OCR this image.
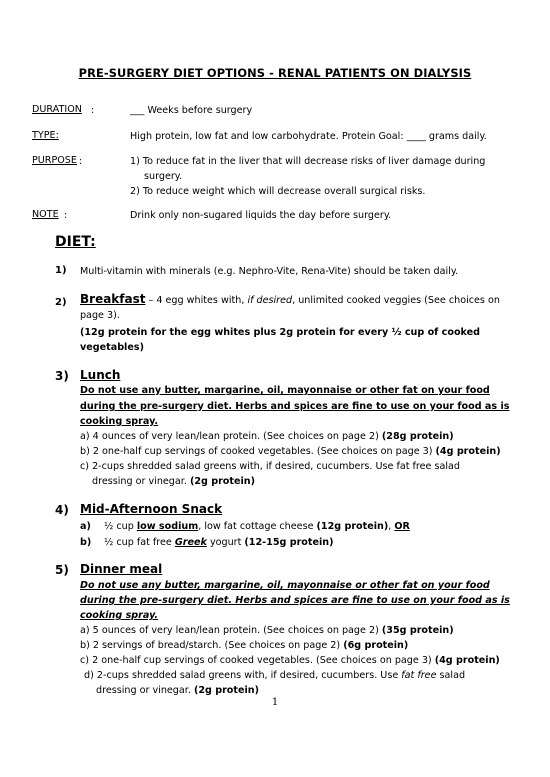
PRE-SURGERY DIET OPTIONS - RENAL PATIENTS ON DIALYSIS
DURATION :	___ Weeks before surgery
TYPE:	High protein, low fat and low carbohydrate. Protein Goal: ____ grams daily.
PURPOSE :	1) To reduce fat in the liver that will decrease risks of liver damage during
surgery.
2) To reduce weight which will decrease overall surgical risks.
NOTE :	Drink only non-sugared liquids the day before surgery.
DIET:
1) Multi-vitamin with minerals (e.g. Nephro-Vite, Rena-Vite) should be taken daily.
2) Breakfast – 4 egg whites with, if desired, unlimited cooked veggies (See choices on
page 3).
(12g protein for the egg whites plus 2g protein for every ½ cup of cooked
vegetables)
3) Lunch
Do not use any butter, margarine, oil, mayonnaise or other fat on your food
during the pre-surgery diet. Herbs and spices are fine to use on your food as is
cooking spray.
a) 4 ounces of very lean/lean protein. (See choices on page 2) (28g protein)
b) 2 one-half cup servings of cooked vegetables. (See choices on page 3) (4g protein)
c) 2-cups shredded salad greens with, if desired, cucumbers. Use fat free salad
dressing or vinegar. (2g protein)
4) Mid-Afternoon Snack
a) ½ cup low sodium, low fat cottage cheese (12g protein), OR
b) ½ cup fat free Greek yogurt (12-15g protein)
5) Dinner meal
Do not use any butter, margarine, oil, mayonnaise or other fat on your food
during the pre-surgery diet. Herbs and spices are fine to use on your food as is
cooking spray.
a) 5 ounces of very lean/lean protein. (See choices on page 2) (35g protein)
b) 2 servings of bread/starch. (See choices on page 2) (6g protein)
c) 2 one-half cup servings of cooked vegetables. (See choices on page 3) (4g protein)
d) 2-cups shredded salad greens with, if desired, cucumbers. Use fat free salad
dressing or vinegar. (2g protein)
1
